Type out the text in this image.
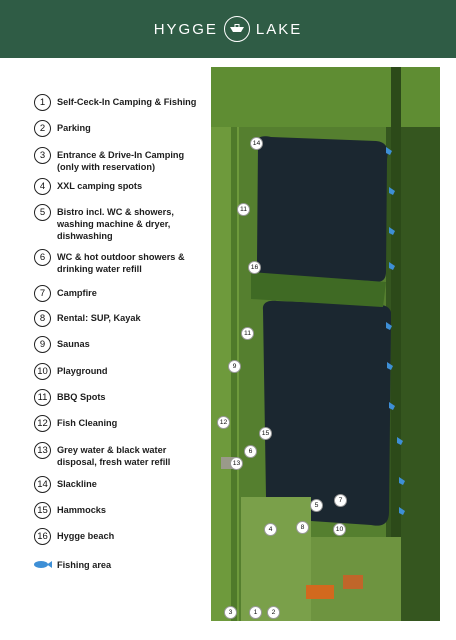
HYGGE	LAKE
1	Self-Ceck-In Camping & Fishing
2	Parking
3	Entrance & Drive-In Camping (only with reservation)
4	XXL camping spots
5	Bistro incl. WC & showers, washing machine & dryer, dishwashing
6	WC & hot outdoor showers & drinking water refill
7	Campfire
8	Rental: SUP, Kayak
9	Saunas
10	Playground
11	BBQ Spots
12	Fish Cleaning
13	Grey water & black water disposal, fresh water refill
14	Slackline
15	Hammocks
16	Hygge beach
Fishing area
14
11
16
11
9
12
15
6
13
7
5
4	8	10
3	1	2
